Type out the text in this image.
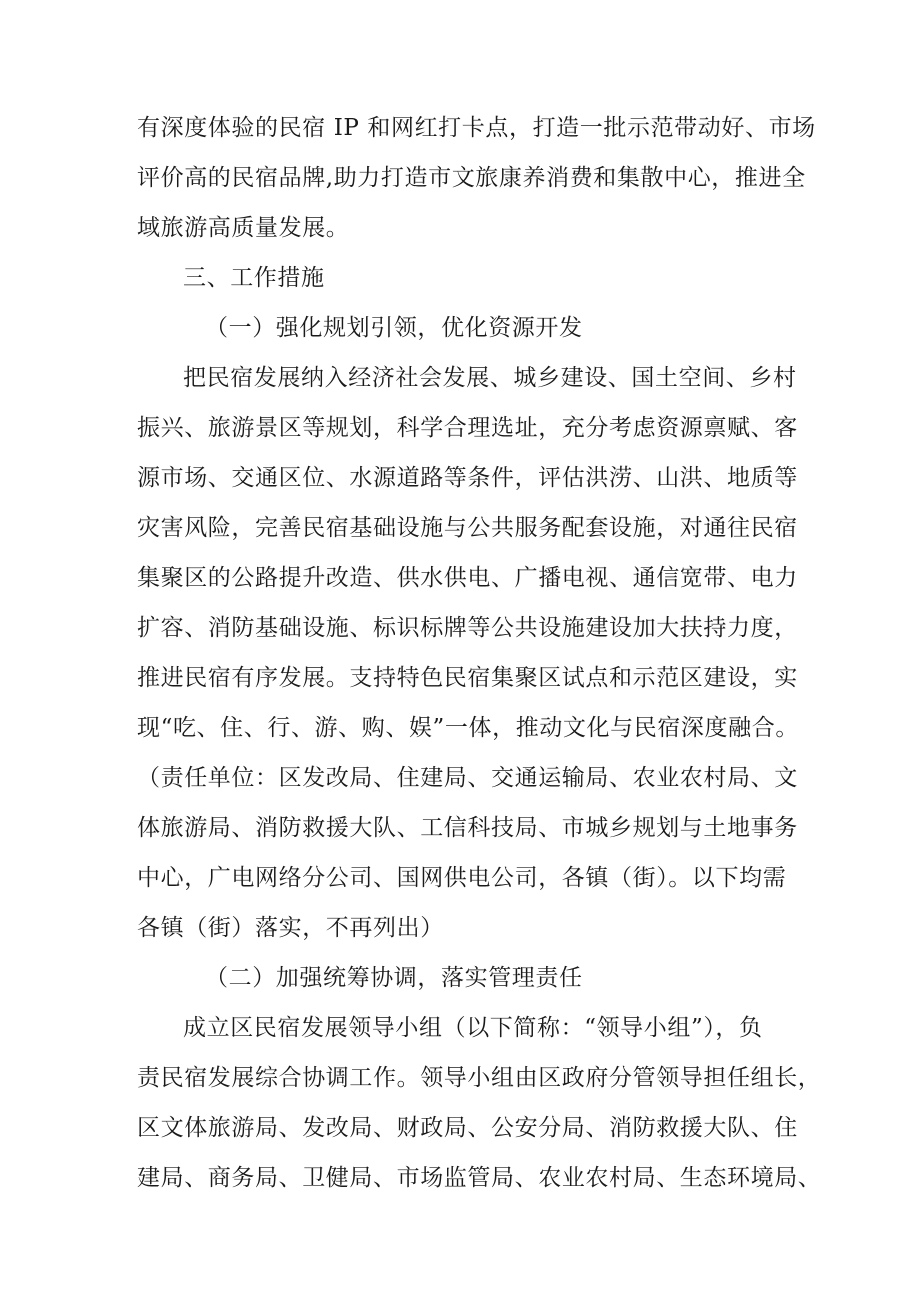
有深度体验的民宿 IP 和网红打卡点，打造一批示范带动好、市场
评价高的民宿品牌,助力打造市文旅康养消费和集散中心，推进全
域旅游高质量发展。
三、工作措施
（一）强化规划引领，优化资源开发
把民宿发展纳入经济社会发展、城乡建设、国土空间、乡村
振兴、旅游景区等规划，科学合理选址，充分考虑资源禀赋、客
源市场、交通区位、水源道路等条件，评估洪涝、山洪、地质等
灾害风险，完善民宿基础设施与公共服务配套设施，对通往民宿
集聚区的公路提升改造、供水供电、广播电视、通信宽带、电力
扩容、消防基础设施、标识标牌等公共设施建设加大扶持力度，
推进民宿有序发展。支持特色民宿集聚区试点和示范区建设，实
现“吃、住、行、游、购、娱”一体，推动文化与民宿深度融合。
（责任单位：区发改局、住建局、交通运输局、农业农村局、文
体旅游局、消防救援大队、工信科技局、市城乡规划与土地事务
中心，广电网络分公司、国网供电公司，各镇（街）。以下均需
各镇（街）落实，不再列出）
（二）加强统筹协调，落实管理责任
成立区民宿发展领导小组（以下简称：“领导小组”），负
责民宿发展综合协调工作。领导小组由区政府分管领导担任组长，
区文体旅游局、发改局、财政局、公安分局、消防救援大队、住
建局、商务局、卫健局、市场监管局、农业农村局、生态环境局、
